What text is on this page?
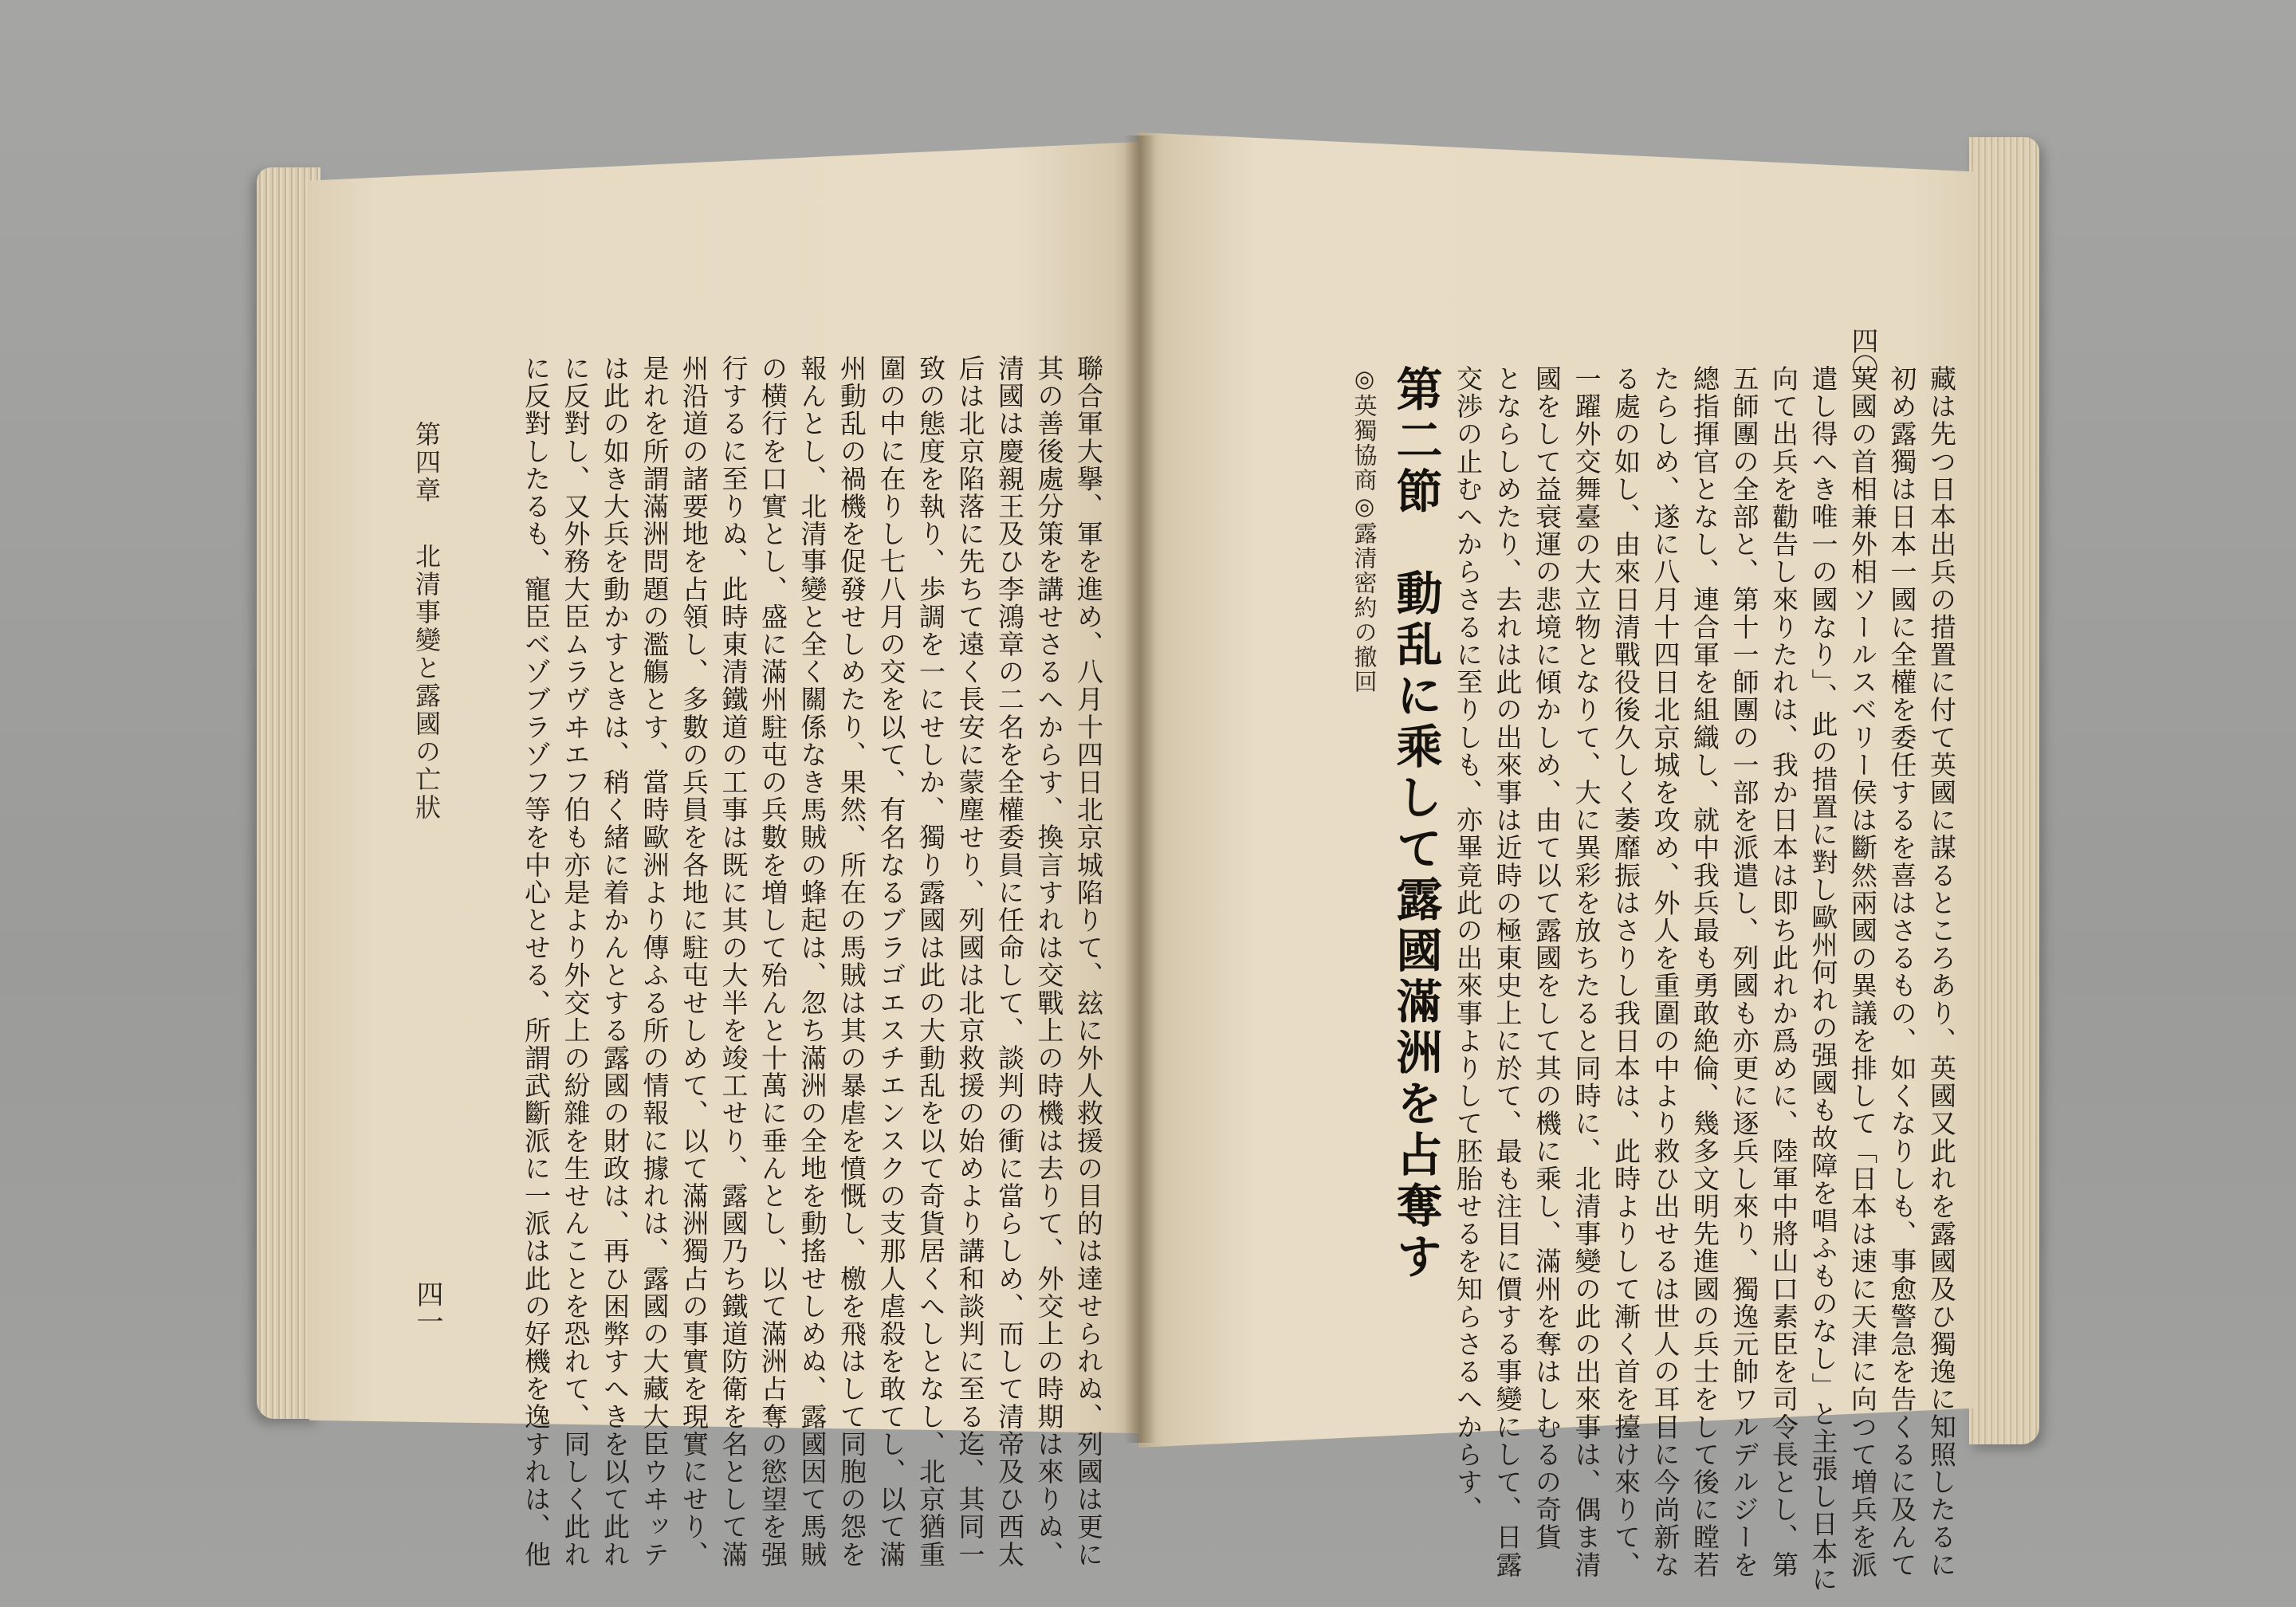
聯合軍大擧、軍を進め、八月十四日北京城陷りて、玆に外人救援の目的は達せられぬ、列國は更に
其の善後處分策を講せさるへからす、換言すれは交戰上の時機は去りて、外交上の時期は來りぬ、
清國は慶親王及ひ李鴻章の二名を全權委員に任命して、談判の衝に當らしめ、而して清帝及ひ西太
后は北京陷落に先ちて遠く長安に蒙塵せり、列國は北京救援の始めより講和談判に至る迄、其同一
致の態度を執り、歩調を一にせしか、獨り露國は此の大動乱を以て奇貨居くへしとなし、北京猶重
圍の中に在りし七八月の交を以て、有名なるブラゴエスチエンスクの支那人虐殺を敢てし、以て滿
州動乱の禍機を促發せしめたり、果然、所在の馬賊は其の暴虐を憤慨し、檄を飛はして同胞の怨を
報んとし、北清事變と全く關係なき馬賊の蜂起は、忽ち滿洲の全地を動搖せしめぬ、露國因て馬賊
の横行を口實とし、盛に滿州駐屯の兵數を増して殆んと十萬に垂んとし、以て滿洲占奪の慾望を强
行するに至りぬ、此時東清鐵道の工事は既に其の大半を竣工せり、露國乃ち鐵道防衛を名として滿
州沿道の諸要地を占領し、多數の兵員を各地に駐屯せしめて、以て滿洲獨占の事實を現實にせり、
是れを所謂滿洲問題の濫觴とす、當時歐洲より傳ふる所の情報に據れは、露國の大藏大臣ウヰッテ
は此の如き大兵を動かすときは、稍く緒に着かんとする露國の財政は、再ひ困弊すへきを以て此れ
に反對し、又外務大臣ムラヴヰエフ伯も亦是より外交上の紛雜を生せんことを恐れて、同しく此れ
に反對したるも、寵臣ベゾブラゾフ等を中心とせる、所謂武斷派に一派は此の好機を逸すれは、他
第四章北清事變と露國の亡狀
四一	藏は先つ日本出兵の措置に付て英國に謀るところあり、英國又此れを露國及ひ獨逸に知照したるに
初め露獨は日本一國に全權を委任するを喜はさるもの、如くなりしも、事愈警急を告くるに及んて
英國の首相兼外相ソールスベリー侯は斷然兩國の異議を排して「日本は速に天津に向つて増兵を派
遣し得へき唯一の國なり」、此の措置に對し歐州何れの强國も故障を唱ふものなし」と主張し日本に
向て出兵を勸告し來りたれは、我か日本は即ち此れか爲めに、陸軍中將山口素臣を司令長とし、第
五師團の全部と、第十一師團の一部を派遣し、列國も亦更に逐兵し來り、獨逸元帥ワルデルジーを
總指揮官となし、連合軍を組織し、就中我兵最も勇敢絶倫、幾多文明先進國の兵士をして後に瞠若
たらしめ、遂に八月十四日北京城を攻め、外人を重圍の中より救ひ出せるは世人の耳目に今尚新な
る處の如し、由來日清戰役後久しく萎靡振はさりし我日本は、此時よりして漸く首を擡け來りて、
一躍外交舞臺の大立物となりて、大に異彩を放ちたると同時に、北清事變の此の出來事は、偶ま清
國をして益衰運の悲境に傾かしめ、由て以て露國をして其の機に乘し、滿州を奪はしむるの奇貨
とならしめたり、去れは此の出來事は近時の極東史上に於て、最も注目に價する事變にして、日露
交渉の止むへからさるに至りしも、亦畢竟此の出來事よりして胚胎せるを知らさるへからす、
第二節　動乱に乘して露國滿洲を占奪す
◎英獨協商◎露清密約の撤回
四〇
